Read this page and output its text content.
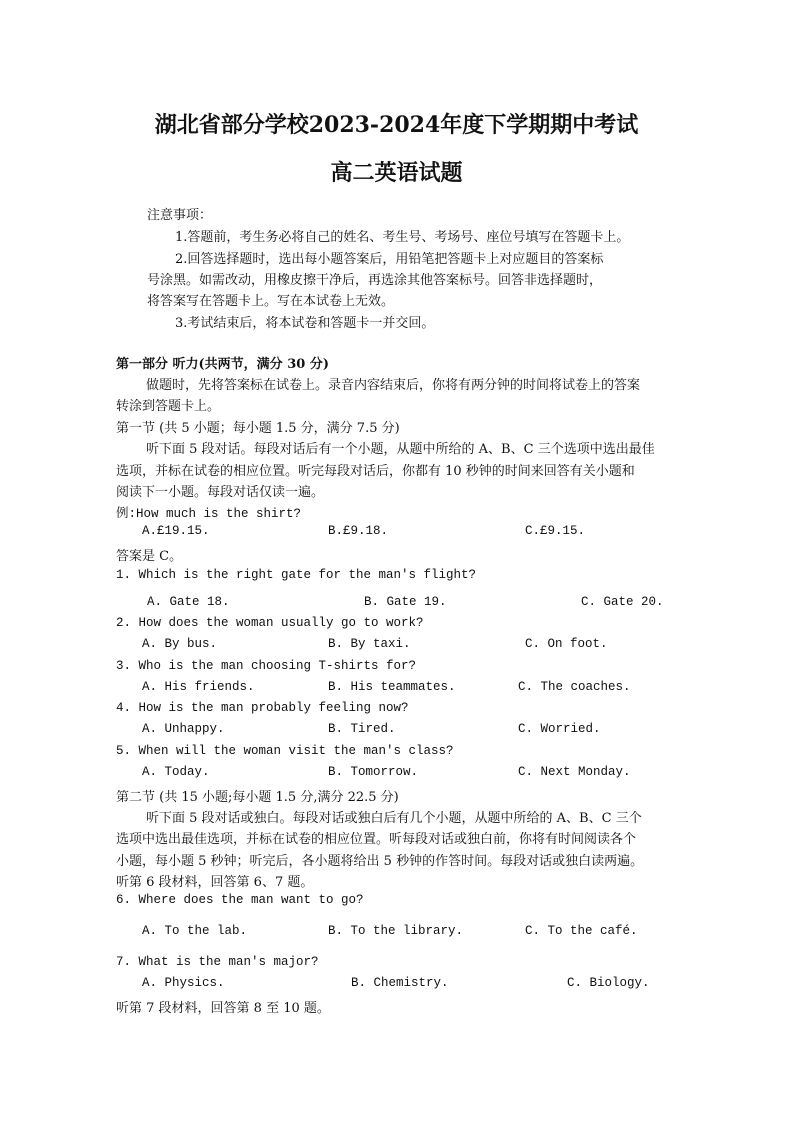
湖北省部分学校2023-2024年度下学期期中考试
高二英语试题
注意事项：
1.答题前，考生务必将自己的姓名、考生号、考场号、座位号填写在答题卡上。
2.回答选择题时，选出每小题答案后，用铅笔把答题卡上对应题目的答案标
号涂黑。如需改动，用橡皮擦干净后，再选涂其他答案标号。回答非选择题时，
将答案写在答题卡上。写在本试卷上无效。
3.考试结束后，将本试卷和答题卡一并交回。
第一部分 听力(共两节，满分 30 分)
做题时，先将答案标在试卷上。录音内容结束后，你将有两分钟的时间将试卷上的答案
转涂到答题卡上。
第一节 (共 5 小题；每小题 1.5 分，满分 7.5 分)
听下面 5 段对话。每段对话后有一个小题，从题中所给的 A、B、C 三个选项中选出最佳
选项，并标在试卷的相应位置。听完每段对话后，你都有 10 秒钟的时间来回答有关小题和
阅读下一小题。每段对话仅读一遍。
例:How much is the shirt?
A.£19.15.	B.£9.18.	C.£9.15.
答案是 C。
1. Which is the right gate for the man's flight?
A. Gate 18.	B. Gate 19.	C. Gate 20.
2. How does the woman usually go to work?
A. By bus.	B. By taxi.	C. On foot.
3. Who is the man choosing T-shirts for?
A. His friends.	B. His teammates.	C. The coaches.
4. How is the man probably feeling now?
A. Unhappy.	B. Tired.	C. Worried.
5. When will the woman visit the man's class?
A. Today.	B. Tomorrow.	C. Next Monday.
第二节 (共 15 小题;每小题 1.5 分,满分 22.5 分)
听下面 5 段对话或独白。每段对话或独白后有几个小题，从题中所给的 A、B、C 三个
选项中选出最佳选项，并标在试卷的相应位置。听每段对话或独白前，你将有时间阅读各个
小题，每小题 5 秒钟；听完后，各小题将给出 5 秒钟的作答时间。每段对话或独白读两遍。
听第 6 段材料，回答第 6、7 题。
6. Where does the man want to go?
A. To the lab.	B. To the library.	C. To the café.
7. What is the man's major?
A. Physics.	B. Chemistry.	C. Biology.
听第 7 段材料，回答第 8 至 10 题。
